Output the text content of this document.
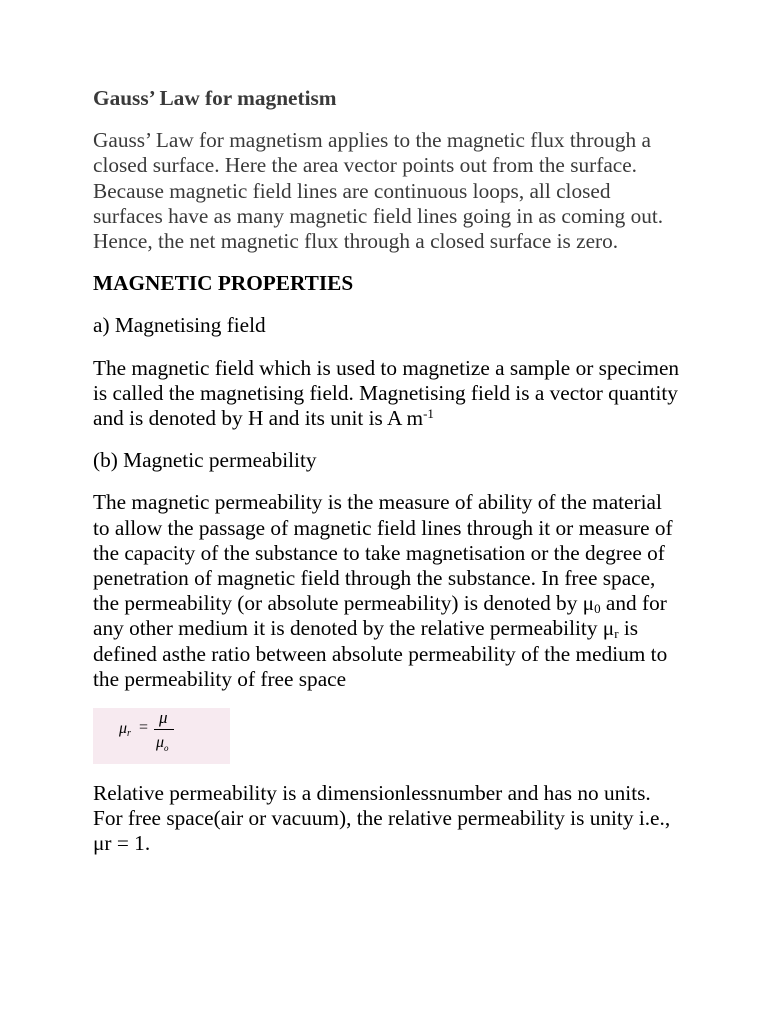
Gauss’ Law for magnetism

Gauss’ Law for magnetism applies to the magnetic flux through a closed surface. Here the area vector points out from the surface. Because magnetic field lines are continuous loops, all closed surfaces have as many magnetic field lines going in as coming out. Hence, the net magnetic flux through a closed surface is zero.

MAGNETIC PROPERTIES

a) Magnetising field

The magnetic field which is used to magnetize a sample or specimen is called the magnetising field. Magnetising field is a vector quantity and is denoted by H and its unit is A $m^{-1}$

(b) Magnetic permeability

The magnetic permeability is the measure of ability of the material to allow the passage of magnetic field lines through it or measure of the capacity of the substance to take magnetisation or the degree of penetration of magnetic field through the substance. In free space, the permeability (or absolute permeability) is denoted by $\mu_0$ and for any other medium it is denoted by the relative permeability $\mu_r$ is defined asthe ratio between absolute permeability of the medium to the permeability of free space

$\mu_r$ =
μ
$\mu_o$

Relative permeability is a dimensionlessnumber and has no units. For free space(air or vacuum), the relative permeability is unity i.e., μr = 1.
